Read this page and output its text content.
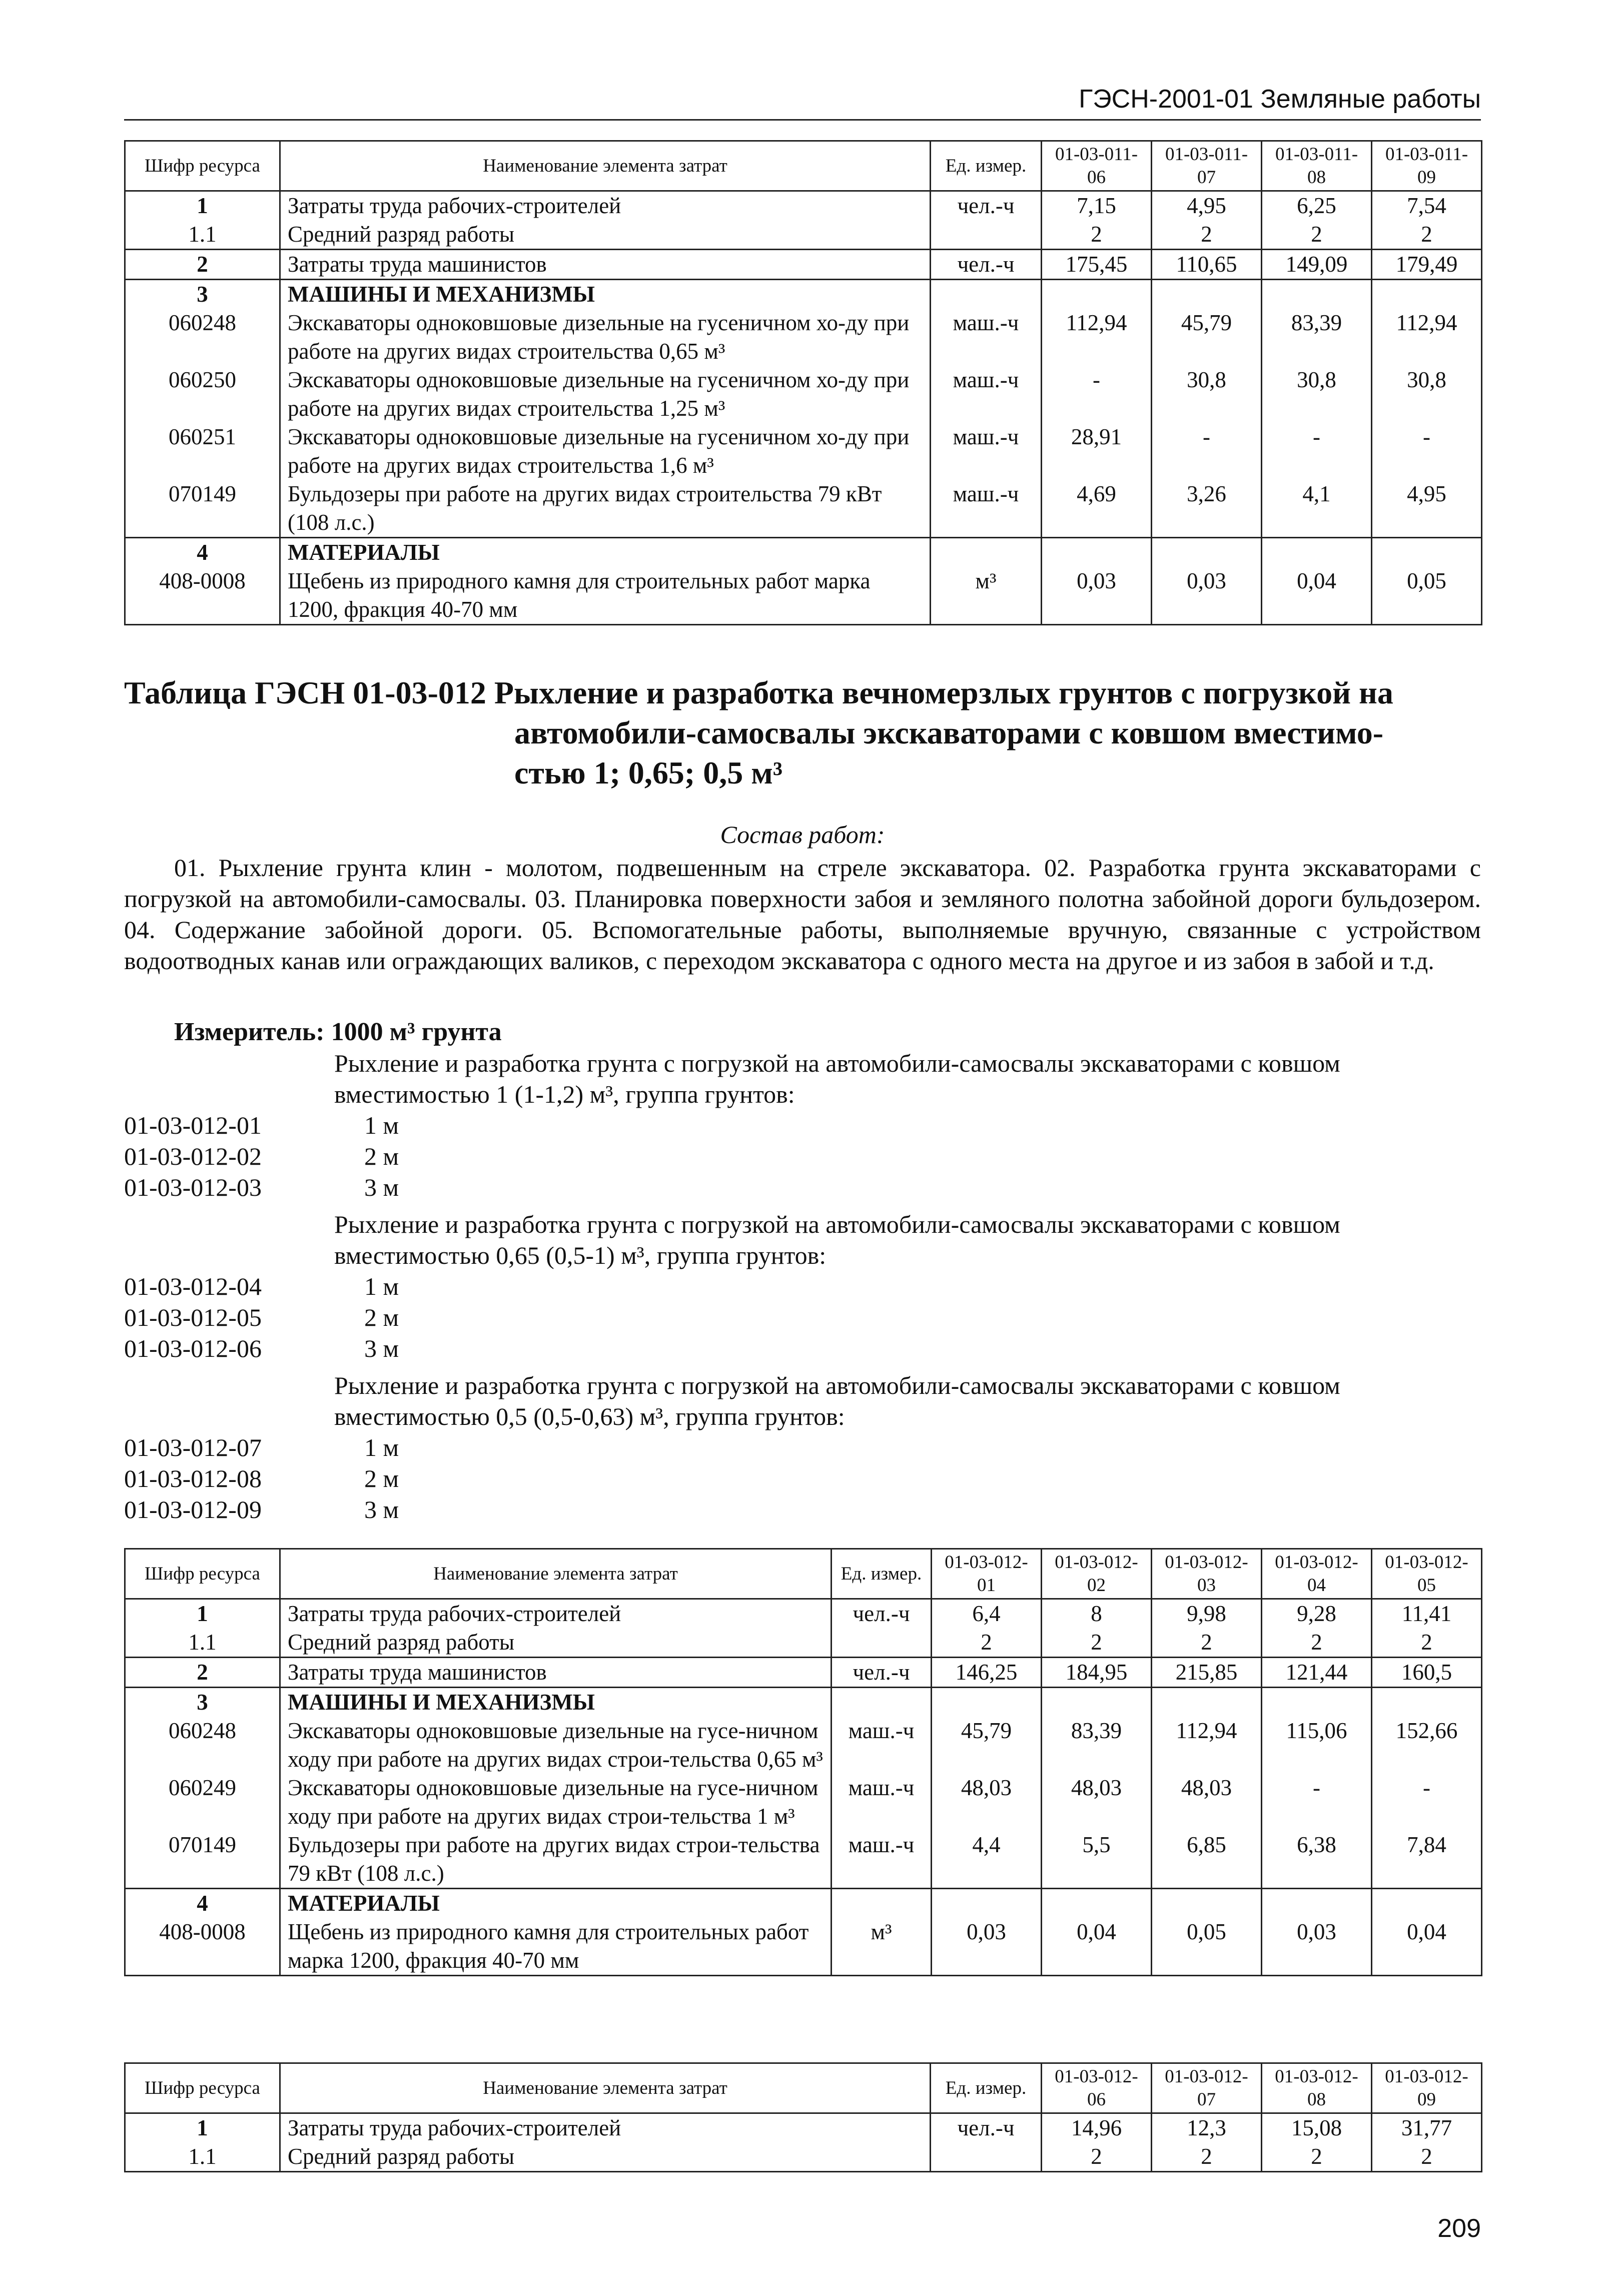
ГЭСН-2001-01 Земляные работы
Шифр ресурса	Наименование элемента затрат	Ед. измер.	01-03-011-06	01-03-011-07	01-03-011-08	01-03-011-09
1	Затраты труда рабочих-строителей	чел.-ч	7,15	4,95	6,25	7,54
1.1	Средний разряд работы		2	2	2	2
2	Затраты труда машинистов	чел.-ч	175,45	110,65	149,09	179,49
3	МАШИНЫ И МЕХАНИЗМЫ					
060248	Экскаваторы одноковшовые дизельные на гусеничном хо-ду при работе на других видах строительства 0,65 м³	маш.-ч	112,94	45,79	83,39	112,94
060250	Экскаваторы одноковшовые дизельные на гусеничном хо-ду при работе на других видах строительства 1,25 м³	маш.-ч	-	30,8	30,8	30,8
060251	Экскаваторы одноковшовые дизельные на гусеничном хо-ду при работе на других видах строительства 1,6 м³	маш.-ч	28,91	-	-	-
070149	Бульдозеры при работе на других видах строительства 79 кВт (108 л.с.)	маш.-ч	4,69	3,26	4,1	4,95
4	МАТЕРИАЛЫ					
408-0008	Щебень из природного камня для строительных работ марка 1200, фракция 40-70 мм	м³	0,03	0,03	0,04	0,05
Таблица ГЭСН 01-03-012 Рыхление и разработка вечномерзлых грунтов с погрузкой на
автомобили-самосвалы экскаваторами с ковшом вместимо-
стью 1; 0,65; 0,5 м³
Состав работ:
01. Рыхление грунта клин - молотом, подвешенным на стреле экскаватора. 02. Разработка грунта экскаваторами с погрузкой на автомобили-самосвалы. 03. Планировка поверхности забоя и земляного полотна забойной дороги бульдозером. 04. Содержание забойной дороги. 05. Вспомогательные работы, выполняемые вручную, связанные с устройством водоотводных канав или ограждающих валиков, с переходом экскаватора с одного места на другое и из забоя в забой и т.д.
Измеритель: 1000 м³ грунта
Рыхление и разработка грунта с погрузкой на автомобили-самосвалы экскаваторами с ковшом вместимостью 1 (1-1,2) м³, группа грунтов:
01-03-012-01	1 м
01-03-012-02	2 м
01-03-012-03	3 м
Рыхление и разработка грунта с погрузкой на автомобили-самосвалы экскаваторами с ковшом вместимостью 0,65 (0,5-1) м³, группа грунтов:
01-03-012-04	1 м
01-03-012-05	2 м
01-03-012-06	3 м
Рыхление и разработка грунта с погрузкой на автомобили-самосвалы экскаваторами с ковшом вместимостью 0,5 (0,5-0,63) м³, группа грунтов:
01-03-012-07	1 м
01-03-012-08	2 м
01-03-012-09	3 м
Шифр ресурса	Наименование элемента затрат	Ед. измер.	01-03-012-01	01-03-012-02	01-03-012-03	01-03-012-04	01-03-012-05
1	Затраты труда рабочих-строителей	чел.-ч	6,4	8	9,98	9,28	11,41
1.1	Средний разряд работы		2	2	2	2	2
2	Затраты труда машинистов	чел.-ч	146,25	184,95	215,85	121,44	160,5
3	МАШИНЫ И МЕХАНИЗМЫ						
060248	Экскаваторы одноковшовые дизельные на гусе-ничном ходу при работе на других видах строи-тельства 0,65 м³	маш.-ч	45,79	83,39	112,94	115,06	152,66
060249	Экскаваторы одноковшовые дизельные на гусе-ничном ходу при работе на других видах строи-тельства 1 м³	маш.-ч	48,03	48,03	48,03	-	-
070149	Бульдозеры при работе на других видах строи-тельства 79 кВт (108 л.с.)	маш.-ч	4,4	5,5	6,85	6,38	7,84
4	МАТЕРИАЛЫ						
408-0008	Щебень из природного камня для строительных работ марка 1200, фракция 40-70 мм	м³	0,03	0,04	0,05	0,03	0,04
Шифр ресурса	Наименование элемента затрат	Ед. измер.	01-03-012-06	01-03-012-07	01-03-012-08	01-03-012-09
1	Затраты труда рабочих-строителей	чел.-ч	14,96	12,3	15,08	31,77
1.1	Средний разряд работы		2	2	2	2
209
